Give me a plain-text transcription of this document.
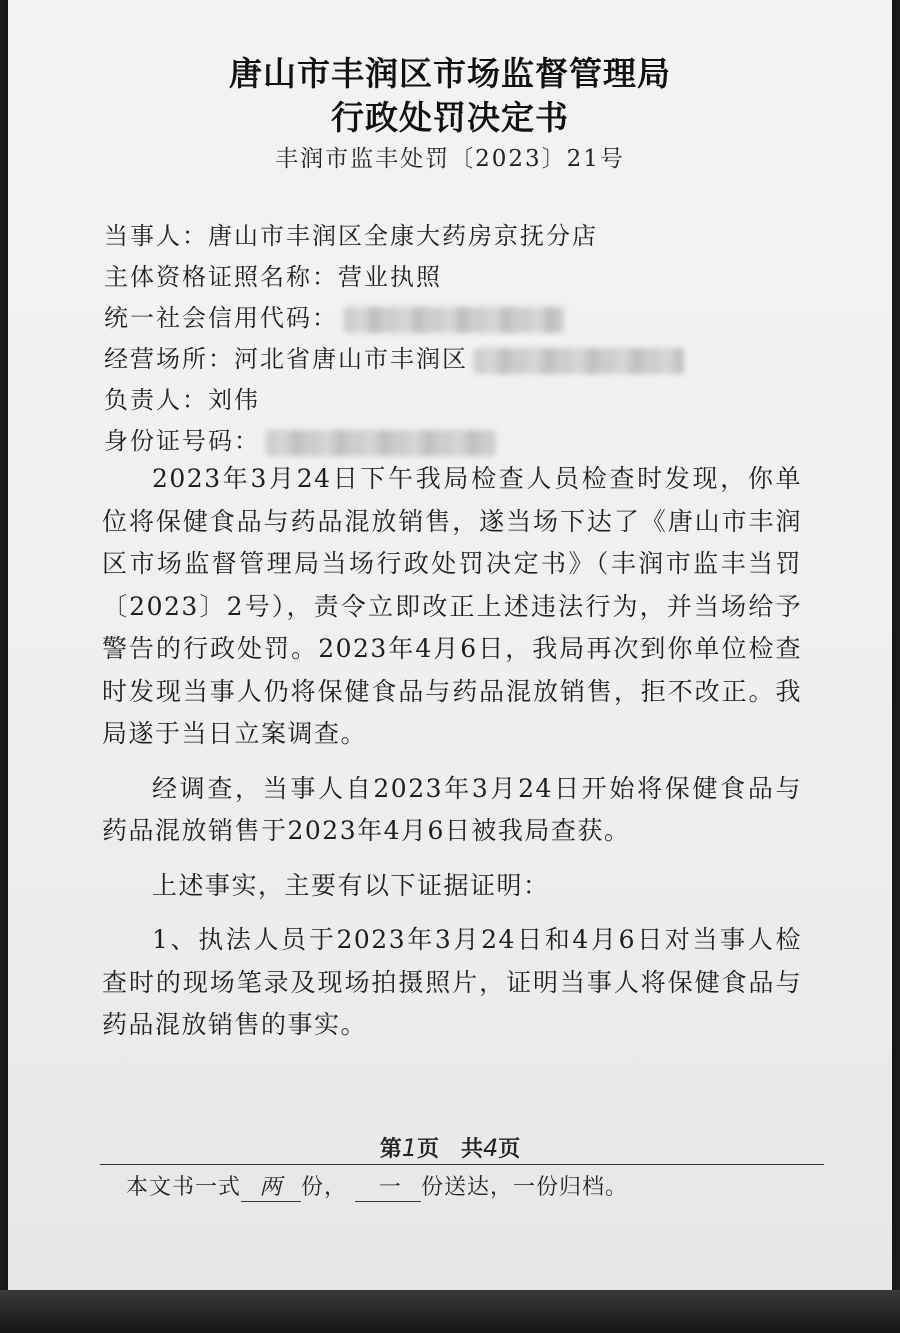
唐山市丰润区市场监督管理局
行政处罚决定书
丰润市监丰处罚〔2023〕21号
当事人：唐山市丰润区全康大药房京抚分店
主体资格证照名称：营业执照
统一社会信用代码：
经营场所：河北省唐山市丰润区
负责人：刘伟
身份证号码：

2023年3月24日下午我局检查人员检查时发现，你单位将保健食品与药品混放销售，遂当场下达了《唐山市丰润区市场监督管理局当场行政处罚决定书》（丰润市监丰当罚〔2023〕2号），责令立即改正上述违法行为，并当场给予警告的行政处罚。2023年4月6日，我局再次到你单位检查时发现当事人仍将保健食品与药品混放销售，拒不改正。我局遂于当日立案调查。

经调查，当事人自2023年3月24日开始将保健食品与药品混放销售于2023年4月6日被我局查获。

上述事实，主要有以下证据证明：

1、执法人员于2023年3月24日和4月6日对当事人检查时的现场笔录及现场拍摄照片，证明当事人将保健食品与药品混放销售的事实。

第1页　共4页
本文书一式 两 份， 一 份送达，一份归档。
